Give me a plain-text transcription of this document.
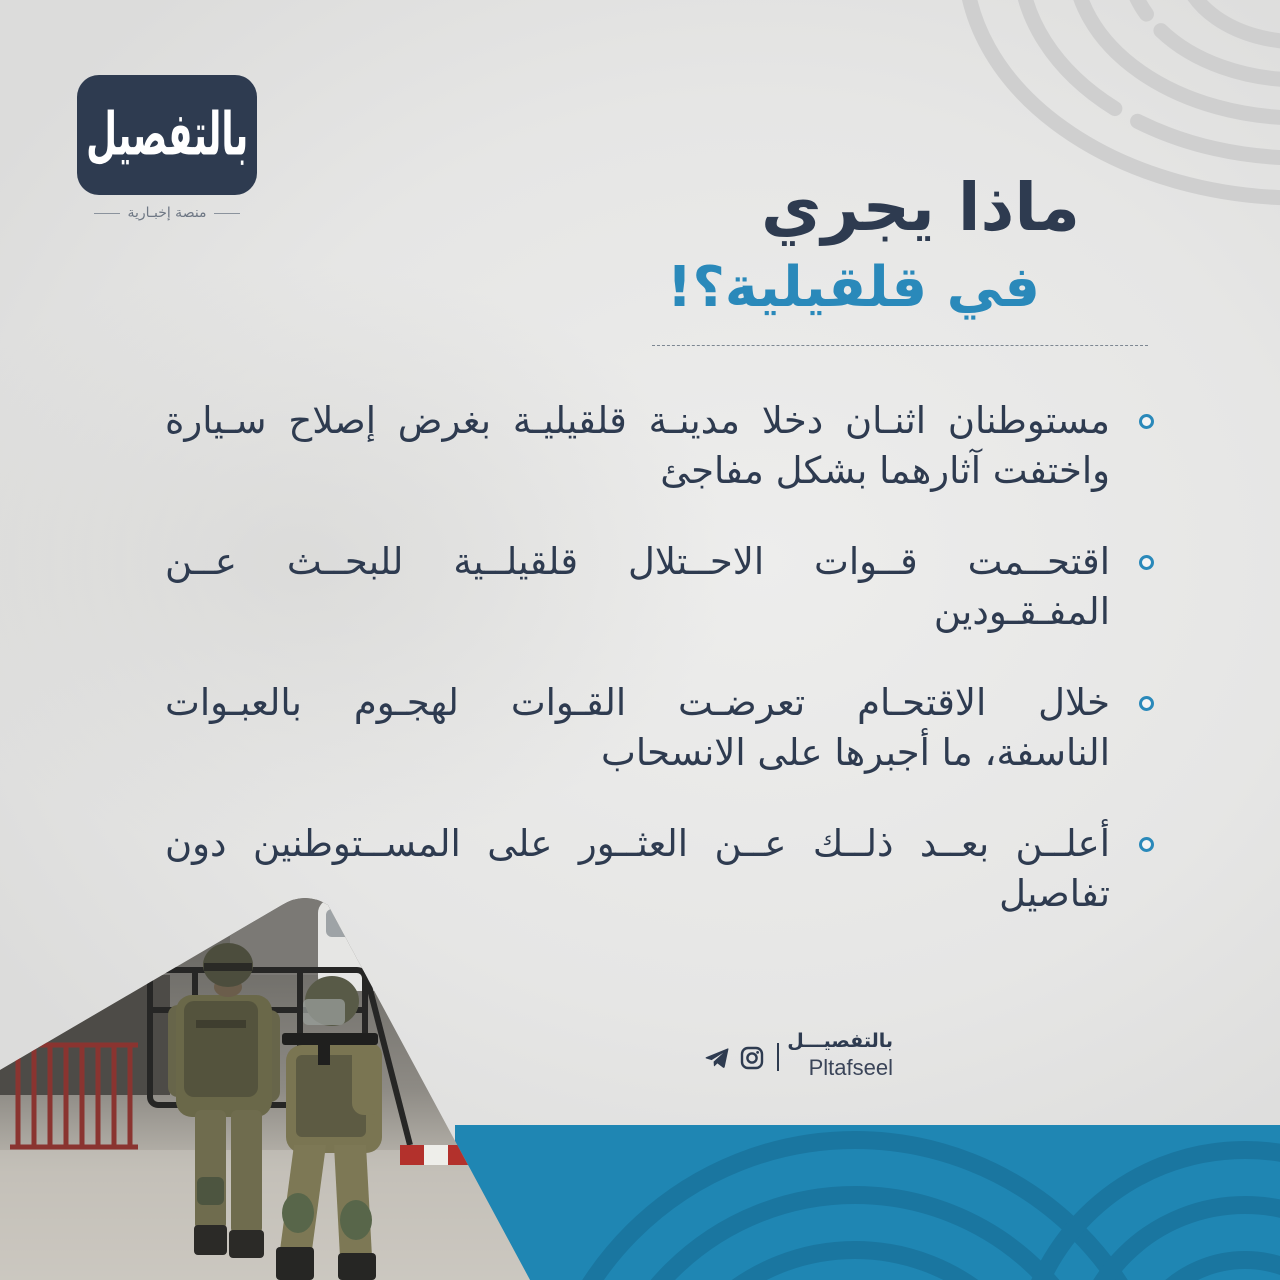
بالتفصيل
منصة إخبـارية	ماذا يجري
في قلقيلية؟!
مستوطنان اثنـان دخلا مدينـة قلقيليـة بغرض إصلاح سـيارة
واختفت آثارهما بشكل مفاجئ
اقتحــمت قــوات الاحــتلال قلقيلــية للبحــث عــن
المفـقـودين
خلال الاقتحـام تعرضـت القـوات لهجـوم بالعبـوات
الناسفة، ما أجبرها على الانسحاب
أعلــن بعــد ذلــك عــن العثــور على المســتوطنين دون
تفاصيل
بالتفصيـــل
Pltafseel
